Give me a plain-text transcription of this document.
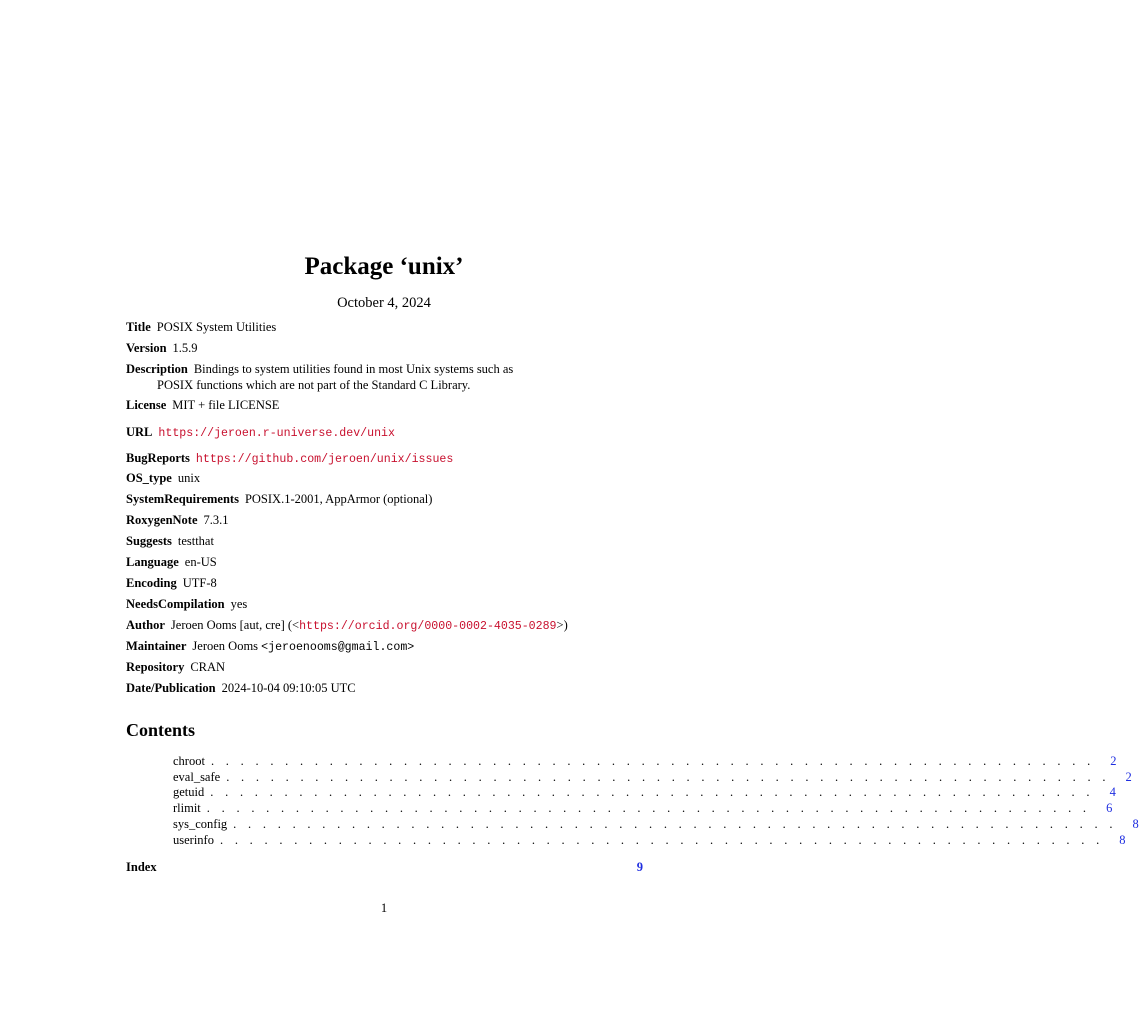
Package ‘unix’
October 4, 2024
Title POSIX System Utilities
Version 1.5.9
Description Bindings to system utilities found in most Unix systems such as
POSIX functions which are not part of the Standard C Library.
License MIT + file LICENSE
URL https://jeroen.r-universe.dev/unix
BugReports https://github.com/jeroen/unix/issues
OS_type unix
SystemRequirements POSIX.1-2001, AppArmor (optional)
RoxygenNote 7.3.1
Suggests testthat
Language en-US
Encoding UTF-8
NeedsCompilation yes
Author Jeroen Ooms [aut, cre] (<https://orcid.org/0000-0002-4035-0289>)
Maintainer Jeroen Ooms <jeroenooms@gmail.com>
Repository CRAN
Date/Publication 2024-10-04 09:10:05 UTC
Contents
chroot . . . . . . . . . . . . . . . . . . . . . . . . . . . . . . . . . . . . . . . . . . . . . . . . . . . . . . . . . . . .	2
eval_safe . . . . . . . . . . . . . . . . . . . . . . . . . . . . . . . . . . . . . . . . . . . . . . . . . . . . . . . . . . . .	2
getuid . . . . . . . . . . . . . . . . . . . . . . . . . . . . . . . . . . . . . . . . . . . . . . . . . . . . . . . . . . . .	4
rlimit . . . . . . . . . . . . . . . . . . . . . . . . . . . . . . . . . . . . . . . . . . . . . . . . . . . . . . . . . . . .	6
sys_config . . . . . . . . . . . . . . . . . . . . . . . . . . . . . . . . . . . . . . . . . . . . . . . . . . . . . . . . . . . .	8
userinfo . . . . . . . . . . . . . . . . . . . . . . . . . . . . . . . . . . . . . . . . . . . . . . . . . . . . . . . . . . . .	8
Index	9
1
